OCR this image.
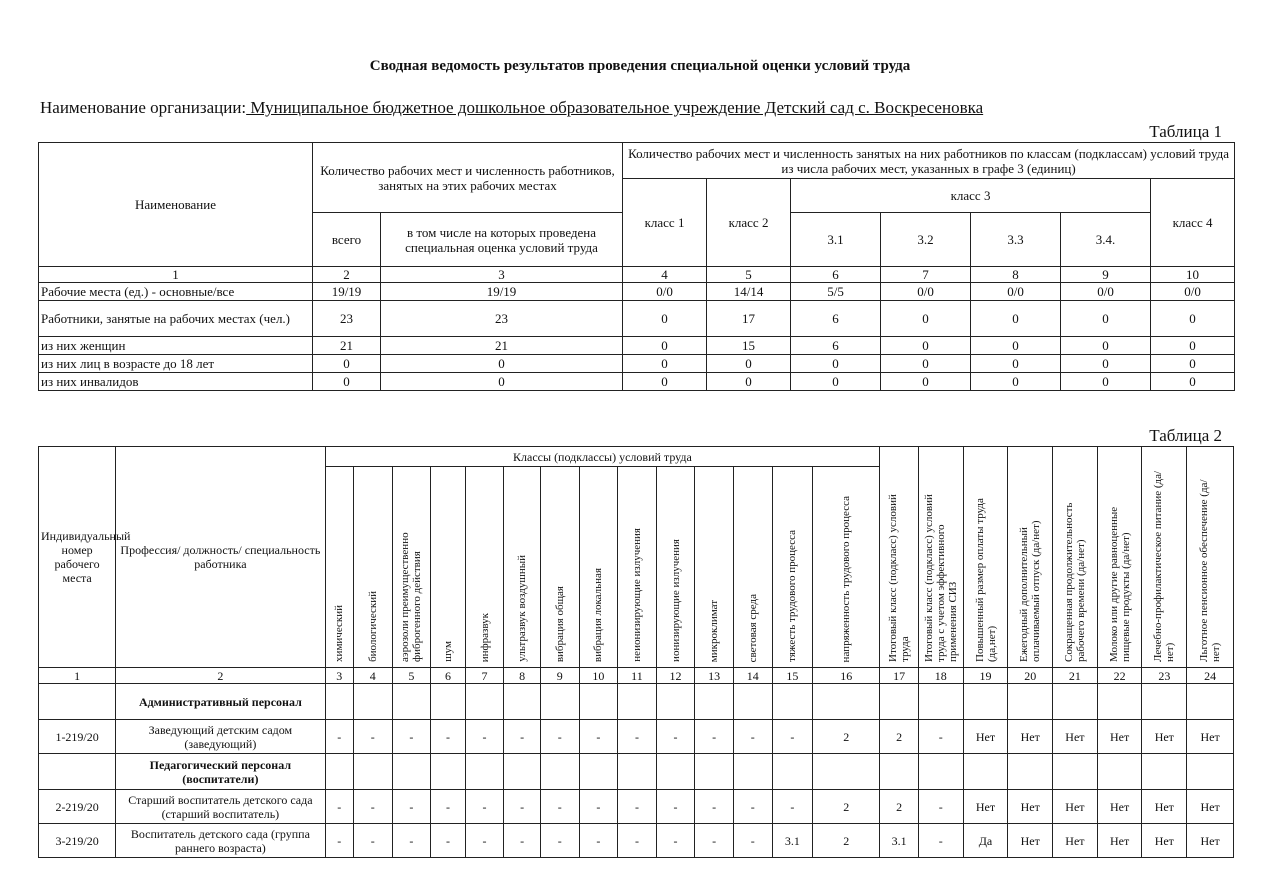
Сводная ведомость результатов проведения специальной оценки условий труда
Наименование организации: Муниципальное бюджетное дошкольное образовательное учреждение Детский сад с. Воскресеновка
Таблица 1
Наименование	Количество рабочих мест и численность работников, занятых на этих рабочих местах		Количество рабочих мест и численность занятых на них работников по классам (подклассам) условий труда из числа рабочих мест, указанных в графе 3 (единиц)						
			класс 1	класс 2	класс 3				класс 4
	всего	в том числе на которых проведена специальная оценка условий труда			3.1	3.2	3.3	3.4.	
1	2	3	4	5	6	7	8	9	10
Рабочие места (ед.) - основные/все	19/19	19/19	0/0	14/14	5/5	0/0	0/0	0/0	0/0
Работники, занятые на рабочих местах (чел.)	23	23	0	17	6	0	0	0	0
из них женщин	21	21	0	15	6	0	0	0	0
из них лиц в возрасте до 18 лет	0	0	0	0	0	0	0	0	0
из них инвалидов	0	0	0	0	0	0	0	0	0
Таблица 2
Индивидуальный номер рабочего места	Профессия/ должность/ специальность работника	Классы (подклассы) условий труда														Итоговый класс (подкласс) условий труда	Итоговый класс (подкласс) условий труда с учетом эффективного применения СИЗ	Повышенный размер оплаты труда (да,нет)	Ежегодный дополнительный оплачиваемый отпуск (да/нет)	Сокращенная продолжительность рабочего времени (да/нет)	Молоко или другие равноценные пищевые продукты (да/нет)	Лечебно-профилактическое питание (да/нет)	Льготное пенсионное обеспечение (да/нет)
		химический	биологический	аэрозоли преимущественно фиброгенного действия	шум	инфразвук	ультразвук воздушный	вибрация общая	вибрация локальная	неионизирующие излучения	ионизирующие излучения	микроклимат	световая среда	тяжесть трудового процесса	напряженность трудового процесса								
1	2	3	4	5	6	7	8	9	10	11	12	13	14	15	16	17	18	19	20	21	22	23	24
	Административный персонал																						
1-219/20	Заведующий детским садом (заведующий)	-	-	-	-	-	-	-	-	-	-	-	-	-	2	2	-	Нет	Нет	Нет	Нет	Нет	Нет
	Педагогический персонал (воспитатели)																						
2-219/20	Старший воспитатель детского сада (старший воспитатель)	-	-	-	-	-	-	-	-	-	-	-	-	-	2	2	-	Нет	Нет	Нет	Нет	Нет	Нет
3-219/20	Воспитатель детского сада (группа раннего возраста)	-	-	-	-	-	-	-	-	-	-	-	-	3.1	2	3.1	-	Да	Нет	Нет	Нет	Нет	Нет
